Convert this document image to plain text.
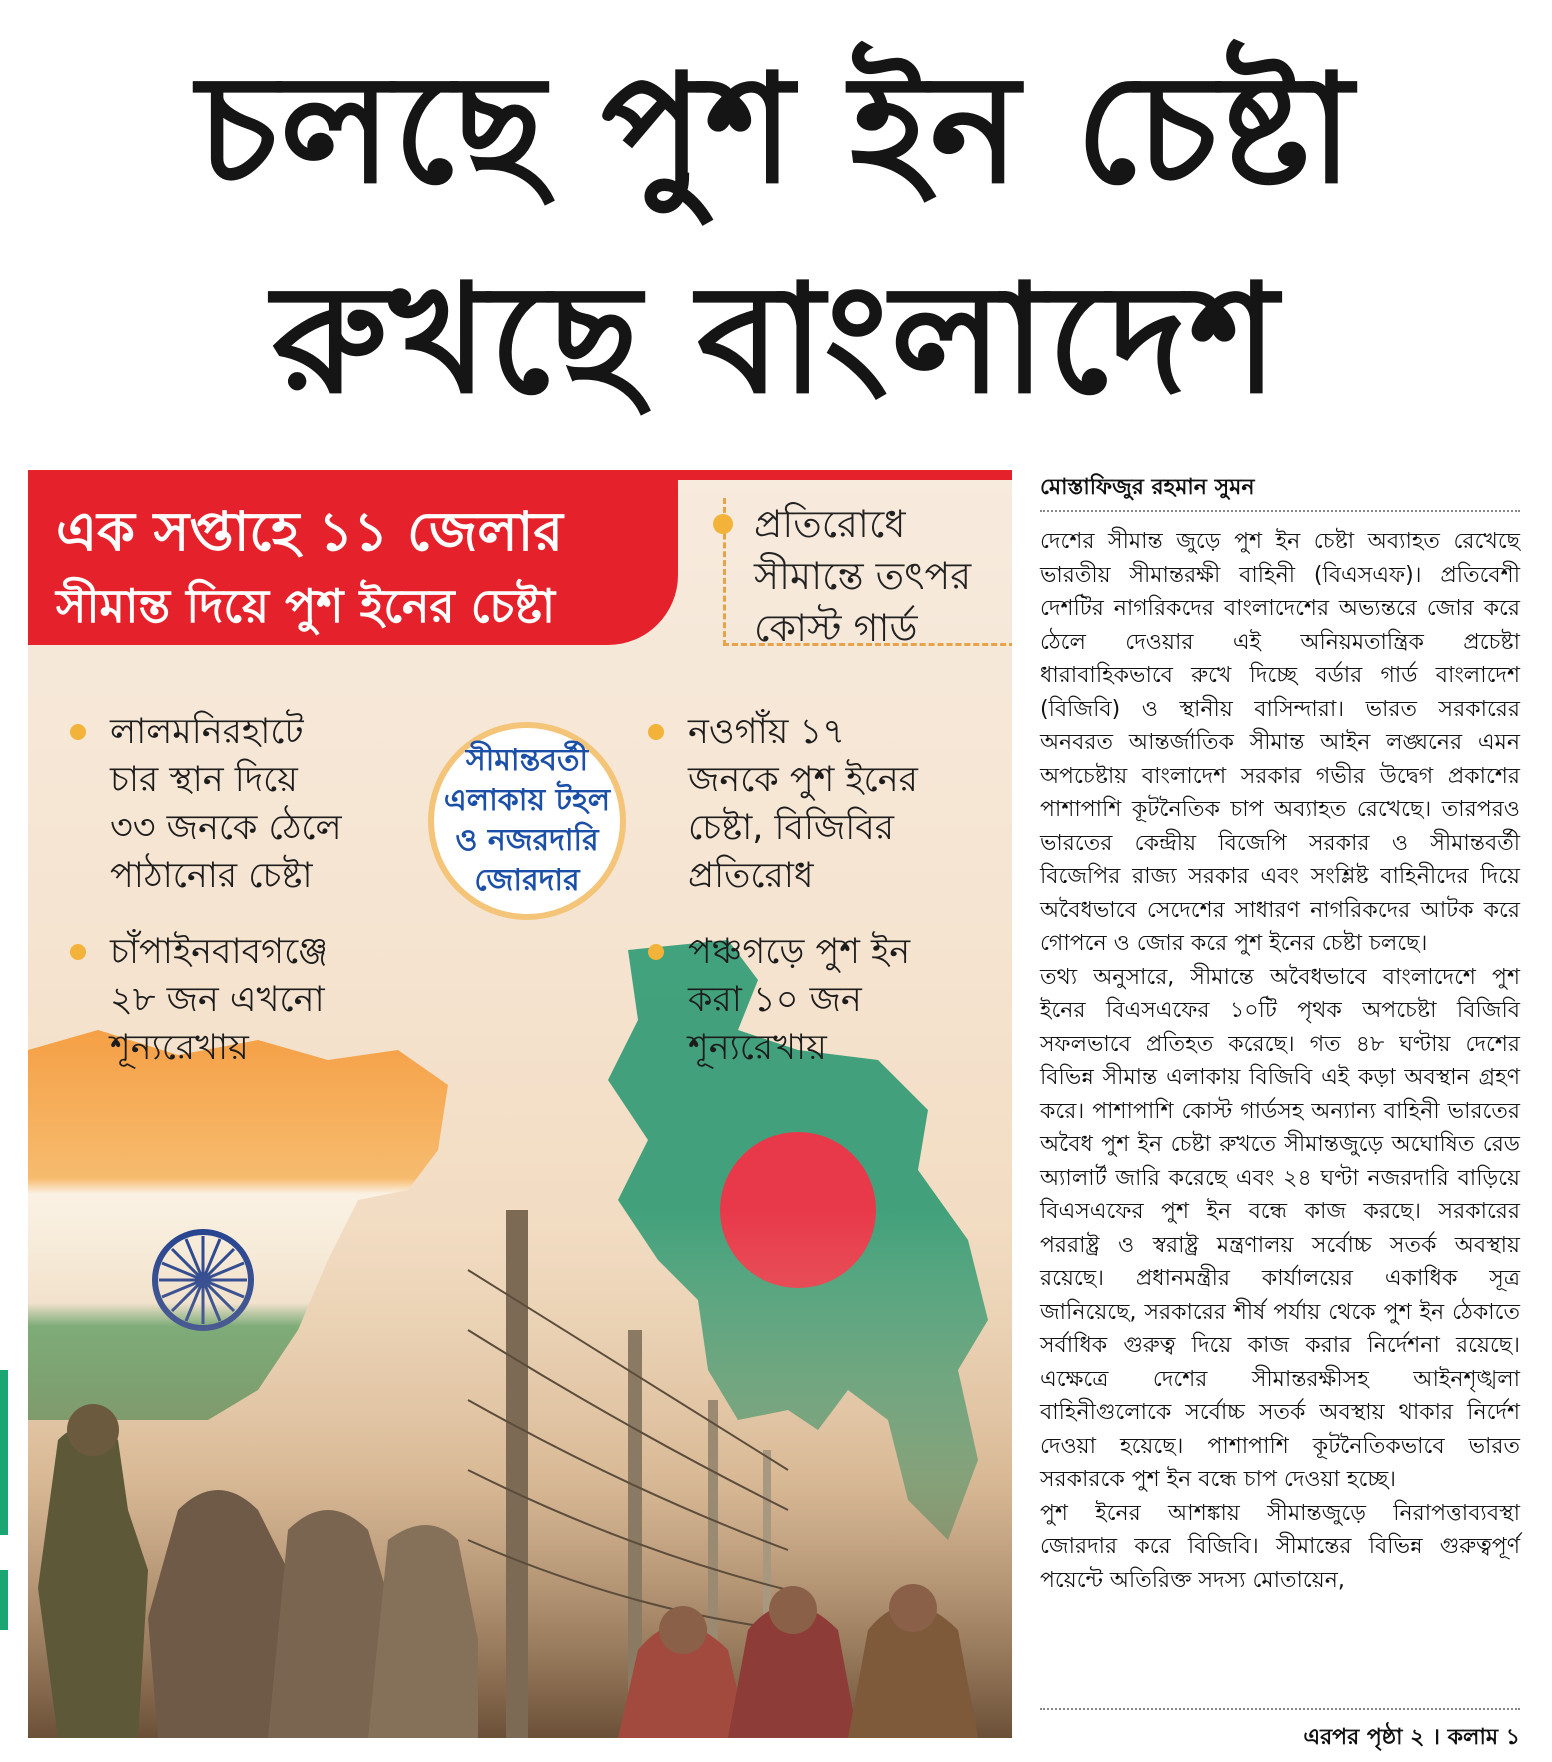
চলছে পুশ ইন চেষ্টা
রুখছে বাংলাদেশ
এক সপ্তাহে ১১ জেলার
সীমান্ত দিয়ে পুশ ইনের চেষ্টা
প্রতিরোধে
সীমান্তে তৎপর
কোস্ট গার্ড
লালমনিরহাটে
চার স্থান দিয়ে
৩৩ জনকে ঠেলে
পাঠানোর চেষ্টা
চাঁপাইনবাবগঞ্জে
২৮ জন এখনো
শূন্যরেখায়
নওগাঁয় ১৭
জনকে পুশ ইনের
চেষ্টা, বিজিবির
প্রতিরোধ
পঞ্চগড়ে পুশ ইন
করা ১০ জন
শূন্যরেখায়
সীমান্তবর্তী
এলাকায় টহল
ও নজরদারি
জোরদার
মোস্তাফিজুর রহমান সুমন

দেশের সীমান্ত জুড়ে পুশ ইন চেষ্টা অব্যাহত রেখেছে ভারতীয় সীমান্তরক্ষী বাহিনী (বিএসএফ)। প্রতিবেশী দেশটির নাগরিকদের বাংলাদেশের অভ্যন্তরে জোর করে ঠেলে দেওয়ার এই অনিয়মতান্ত্রিক প্রচেষ্টা ধারাবাহিকভাবে রুখে দিচ্ছে বর্ডার গার্ড বাংলাদেশ (বিজিবি) ও স্থানীয় বাসিন্দারা। ভারত সরকারের অনবরত আন্তর্জাতিক সীমান্ত আইন লঙ্ঘনের এমন অপচেষ্টায় বাংলাদেশ সরকার গভীর উদ্বেগ প্রকাশের পাশাপাশি কূটনৈতিক চাপ অব্যাহত রেখেছে। তারপরও ভারতের কেন্দ্রীয় বিজেপি সরকার ও সীমান্তবর্তী বিজেপির রাজ্য সরকার এবং সংশ্লিষ্ট বাহিনীদের দিয়ে অবৈধভাবে সেদেশের সাধারণ নাগরিকদের আটক করে গোপনে ও জোর করে পুশ ইনের চেষ্টা চলছে।

তথ্য অনুসারে, সীমান্তে অবৈধভাবে বাংলাদেশে পুশ ইনের বিএসএফের ১০টি পৃথক অপচেষ্টা বিজিবি সফলভাবে প্রতিহত করেছে। গত ৪৮ ঘণ্টায় দেশের বিভিন্ন সীমান্ত এলাকায় বিজিবি এই কড়া অবস্থান গ্রহণ করে। পাশাপাশি কোস্ট গার্ডসহ অন্যান্য বাহিনী ভারতের অবৈধ পুশ ইন চেষ্টা রুখতে সীমান্তজুড়ে অঘোষিত রেড অ্যালার্ট জারি করেছে এবং ২৪ ঘণ্টা নজরদারি বাড়িয়ে বিএসএফের পুশ ইন বন্ধে কাজ করছে। সরকারের পররাষ্ট্র ও স্বরাষ্ট্র মন্ত্রণালয় সর্বোচ্চ সতর্ক অবস্থায় রয়েছে। প্রধানমন্ত্রীর কার্যালয়ের একাধিক সূত্র জানিয়েছে, সরকারের শীর্ষ পর্যায় থেকে পুশ ইন ঠেকাতে সর্বাধিক গুরুত্ব দিয়ে কাজ করার নির্দেশনা রয়েছে। এক্ষেত্রে দেশের সীমান্তরক্ষীসহ আইনশৃঙ্খলা বাহিনীগুলোকে সর্বোচ্চ সতর্ক অবস্থায় থাকার নির্দেশ দেওয়া হয়েছে। পাশাপাশি কূটনৈতিকভাবে ভারত সরকারকে পুশ ইন বন্ধে চাপ দেওয়া হচ্ছে।

পুশ ইনের আশঙ্কায় সীমান্তজুড়ে নিরাপত্তাব্যবস্থা জোরদার করে বিজিবি। সীমান্তের বিভিন্ন গুরুত্বপূর্ণ পয়েন্টে অতিরিক্ত সদস্য মোতায়েন,

এরপর পৃষ্ঠা ২ । কলাম ১
